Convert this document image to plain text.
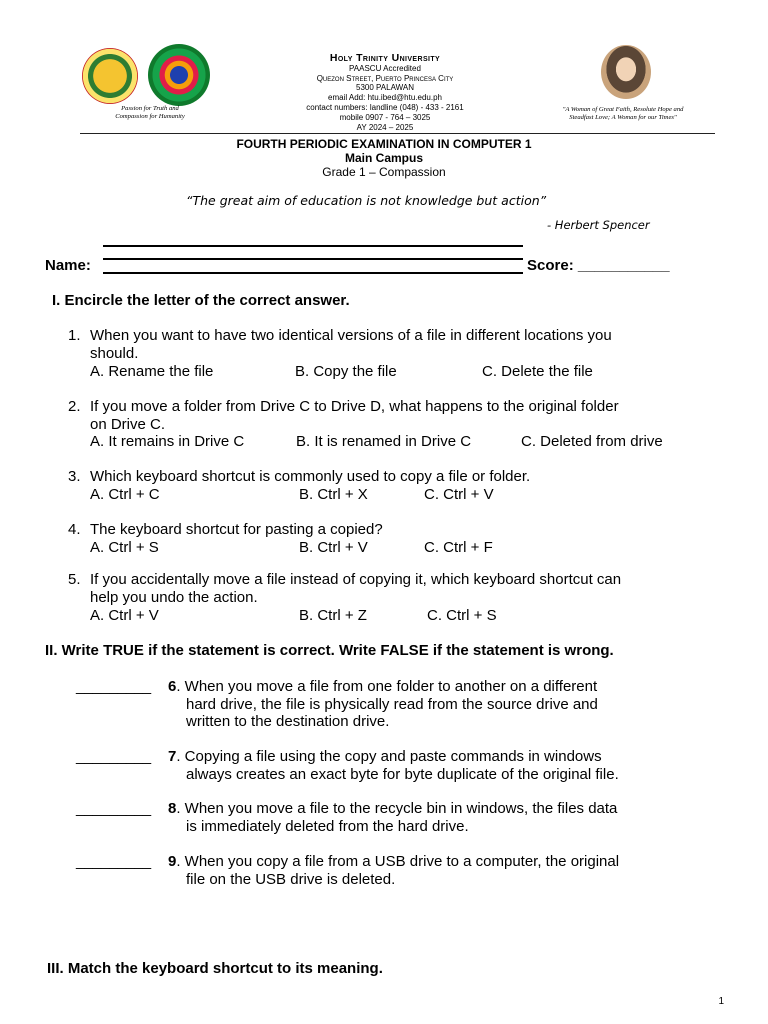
Passion for Truth and
Compassion for Humanity
Holy Trinity University
PAASCU Accredited
Quezon Street, Puerto Princesa City
5300 PALAWAN
email Add: htu.ibed@htu.edu.ph
contact numbers: landline (048) - 433 - 2161
mobile 0907 - 764 – 3025
AY 2024 – 2025
"A Woman of Great Faith, Resolute Hope and
Steadfast Love; A Woman for our Times"
FOURTH PERIODIC EXAMINATION IN COMPUTER 1
Main Campus
Grade 1 – Compassion
“The great aim of education is not knowledge but action”
- Herbert Spencer
Name:	Score: ___________
I. Encircle the letter of the correct answer.
1. When you want to have two identical versions of a file in different locations you
should.
A. Rename the file	B. Copy the file	C. Delete the file
2. If you move a folder from Drive C to Drive D, what happens to the original folder
on Drive C.
A. It remains in Drive C	B. It is renamed in Drive C	C. Deleted from drive
3. Which keyboard shortcut is commonly used to copy a file or folder.
A. Ctrl + C	B. Ctrl + X	C. Ctrl + V
4. The keyboard shortcut for pasting a copied?
A. Ctrl + S	B. Ctrl + V	C. Ctrl + F
5. If you accidentally move a file instead of copying it, which keyboard shortcut can
help you undo the action.
A. Ctrl + V	B. Ctrl + Z	C. Ctrl + S
II. Write TRUE if the statement is correct. Write FALSE if the statement is wrong.
_________ 6. When you move a file from one folder to another on a different
hard drive, the file is physically read from the source drive and
written to the destination drive.
_________ 7. Copying a file using the copy and paste commands in windows
always creates an exact byte for byte duplicate of the original file.
_________ 8. When you move a file to the recycle bin in windows, the files data
is immediately deleted from the hard drive.
_________ 9. When you copy a file from a USB drive to a computer, the original
file on the USB drive is deleted.
III. Match the keyboard shortcut to its meaning.
1
